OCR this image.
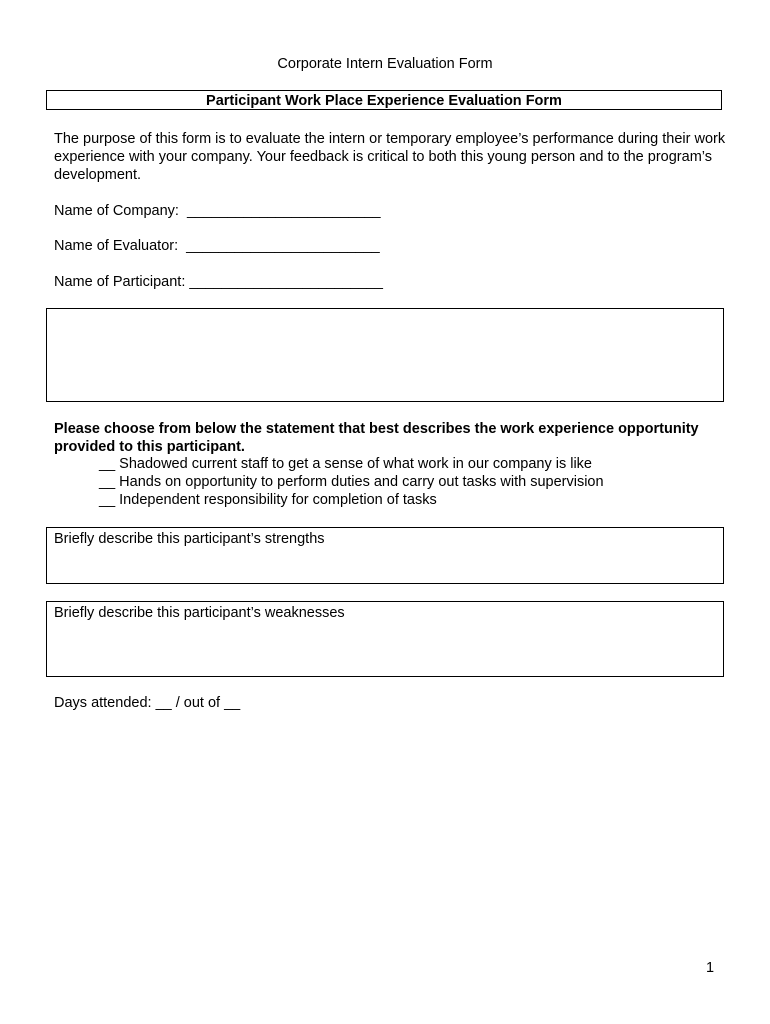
Corporate Intern Evaluation Form
Participant Work Place Experience Evaluation Form
The purpose of this form is to evaluate the intern or temporary employee’s performance during their work experience with your company. Your feedback is critical to both this young person and to the program’s development.
Name of Company:  ________________________
Name of Evaluator:  ________________________
Name of Participant: ________________________
Please choose from below the statement that best describes the work experience opportunity provided to this participant.
__ Shadowed current staff to get a sense of what work in our company is like
__ Hands on opportunity to perform duties and carry out tasks with supervision
__ Independent responsibility for completion of tasks
Briefly describe this participant’s strengths
Briefly describe this participant’s weaknesses
Days attended: __ / out of __
1
